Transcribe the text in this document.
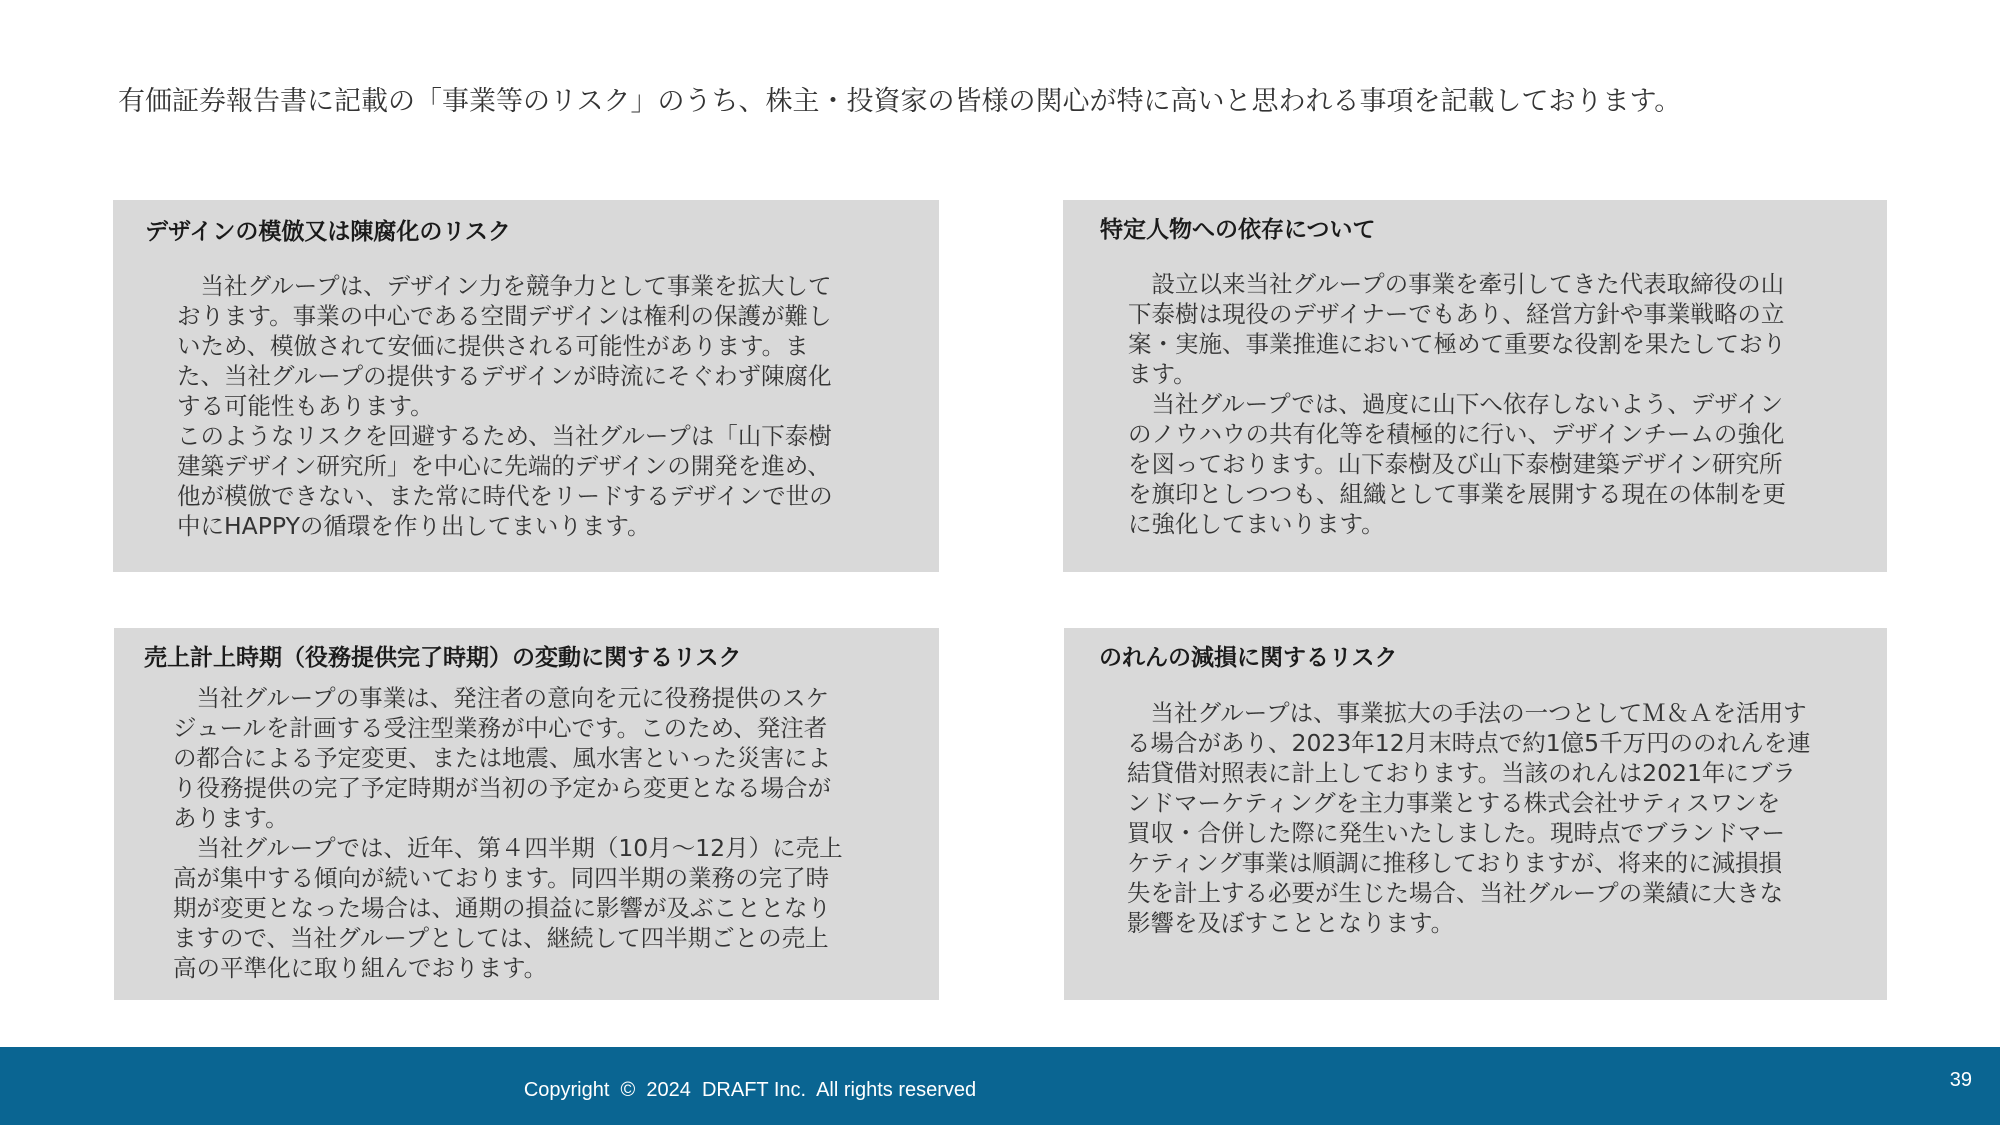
有価証券報告書に記載の「事業等のリスク」のうち、株主・投資家の皆様の関心が特に高いと思われる事項を記載しております。
デザインの模倣又は陳腐化のリスク

　当社グループは、デザイン力を競争力として事業を拡大して

おります。事業の中心である空間デザインは権利の保護が難し

いため、模倣されて安価に提供される可能性があります。ま

た、当社グループの提供するデザインが時流にそぐわず陳腐化

する可能性もあります。

このようなリスクを回避するため、当社グループは「山下泰樹

建築デザイン研究所」を中心に先端的デザインの開発を進め、

他が模倣できない、また常に時代をリードするデザインで世の

中にHAPPYの循環を作り出してまいります。

特定人物への依存について

　設立以来当社グループの事業を牽引してきた代表取締役の山

下泰樹は現役のデザイナーでもあり、経営方針や事業戦略の立

案・実施、事業推進において極めて重要な役割を果たしており

ます。

　当社グループでは、過度に山下へ依存しないよう、デザイン

のノウハウの共有化等を積極的に行い、デザインチームの強化

を図っております。山下泰樹及び山下泰樹建築デザイン研究所

を旗印としつつも、組織として事業を展開する現在の体制を更

に強化してまいります。

売上計上時期（役務提供完了時期）の変動に関するリスク

　当社グループの事業は、発注者の意向を元に役務提供のスケ

ジュールを計画する受注型業務が中心です。このため、発注者

の都合による予定変更、または地震、風水害といった災害によ

り役務提供の完了予定時期が当初の予定から変更となる場合が

あります。

　当社グループでは、近年、第４四半期（10月～12月）に売上

高が集中する傾向が続いております。同四半期の業務の完了時

期が変更となった場合は、通期の損益に影響が及ぶこととなり

ますので、当社グループとしては、継続して四半期ごとの売上

高の平準化に取り組んでおります。

のれんの減損に関するリスク

　当社グループは、事業拡大の手法の一つとしてＭ＆Ａを活用す

る場合があり、2023年12月末時点で約1億5千万円ののれんを連

結貸借対照表に計上しております。当該のれんは2021年にブラ

ンドマーケティングを主力事業とする株式会社サティスワンを

買収・合併した際に発生いたしました。現時点でブランドマー

ケティング事業は順調に推移しておりますが、将来的に減損損

失を計上する必要が生じた場合、当社グループの業績に大きな

影響を及ぼすこととなります。

Copyright  ©  2024  DRAFT Inc.  All rights reserved	39
